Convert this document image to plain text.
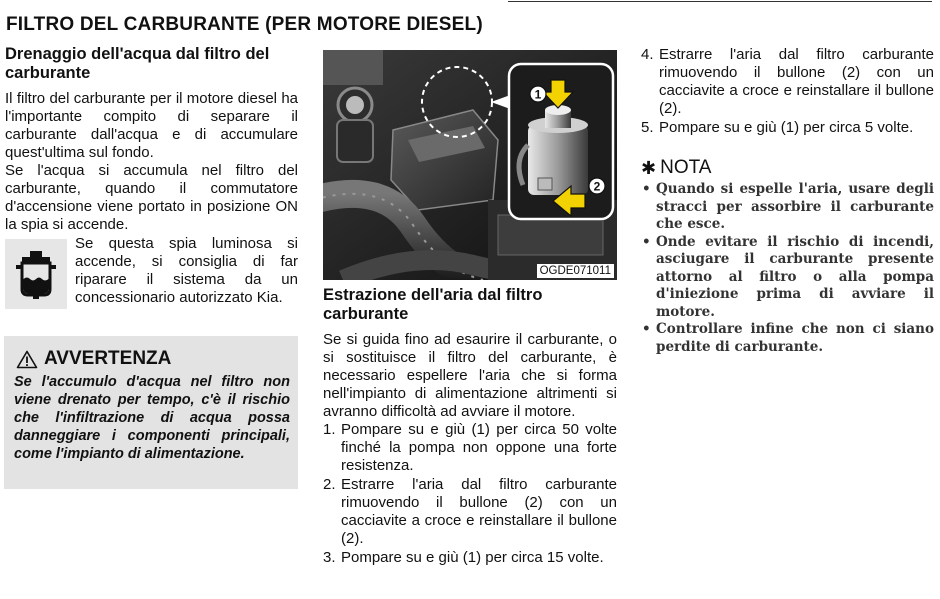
FILTRO DEL CARBURANTE (PER MOTORE DIESEL)
Drenaggio dell'acqua dal filtro del carburante

Il filtro del carburante per il motore diesel ha l'importante compito di separare il carburante dall'acqua e di accumulare quest'ultima sul fondo.

Se l'acqua si accumula nel filtro del carburante, quando il commutatore d'accensione viene portato in posizione ON la spia si accende.

Se questa spia luminosa si accende, si consiglia di far riparare il sistema da un concessionario autorizzato Kia.

AVVERTENZA

Se l'accumulo d'acqua nel filtro non viene drenato per tempo, c'è il rischio che l'infiltrazione di acqua possa danneggiare i componenti principali, come l'impianto di alimentazione.

1
2
OGDE071011
Estrazione dell'aria dal filtro carburante

Se si guida fino ad esaurire il carburante, o si sostituisce il filtro del carburante, è necessario espellere l'aria che si forma nell'impianto di alimentazione altrimenti si avranno difficoltà ad avviare il motore.

1. Pompare su e giù (1) per circa 50 volte finché la pompa non oppone una forte resistenza.
2. Estrarre l'aria dal filtro carburante rimuovendo il bullone (2) con un cacciavite a croce e reinstallare il bullone (2).
3. Pompare su e giù (1) per circa 15 volte.
4. Estrarre l'aria dal filtro carburante rimuovendo il bullone (2) con un cacciavite a croce e reinstallare il bullone (2).
5. Pompare su e giù (1) per circa 5 volte.
✱ NOTA
• Quando si espelle l'aria, usare degli stracci per assorbire il carburante che esce.
• Onde evitare il rischio di incendi, asciugare il carburante presente attorno al filtro o alla pompa d'iniezione prima di avviare il motore.
• Controllare infine che non ci siano perdite di carburante.
